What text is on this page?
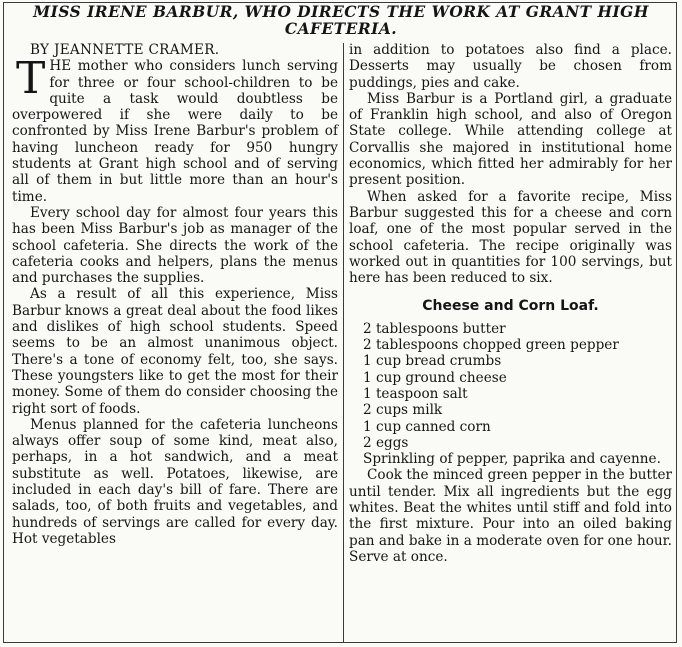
MISS IRENE BARBUR, WHO DIRECTS THE WORK AT GRANT HIGH CAFETERIA.

BY JEANNETTE CRAMER.

THE mother who considers lunch serving for three or four school-children to be quite a task would doubtless be overpowered if she were daily to be confronted by Miss Irene Barbur's problem of having luncheon ready for 950 hungry students at Grant high school and of serving all of them in but little more than an hour's time.

Every school day for almost four years this has been Miss Barbur's job as manager of the school cafeteria. She directs the work of the cafeteria cooks and helpers, plans the menus and purchases the supplies.

As a result of all this experience, Miss Barbur knows a great deal about the food likes and dislikes of high school students. Speed seems to be an almost unanimous object. There's a tone of economy felt, too, she says. These youngsters like to get the most for their money. Some of them do consider choosing the right sort of foods.

Menus planned for the cafeteria luncheons always offer soup of some kind, meat also, perhaps, in a hot sandwich, and a meat substitute as well. Potatoes, likewise, are included in each day's bill of fare. There are salads, too, of both fruits and vegetables, and hundreds of servings are called for every day. Hot vegetables

in addition to potatoes also find a place. Desserts may usually be chosen from puddings, pies and cake.

Miss Barbur is a Portland girl, a graduate of Franklin high school, and also of Oregon State college. While attending college at Corvallis she majored in institutional home economics, which fitted her admirably for her present position.

When asked for a favorite recipe, Miss Barbur suggested this for a cheese and corn loaf, one of the most popular served in the school cafeteria. The recipe originally was worked out in quantities for 100 servings, but here has been reduced to six.

Cheese and Corn Loaf.

2 tablespoons butter
2 tablespoons chopped green pepper
1 cup bread crumbs
1 cup ground cheese
1 teaspoon salt
2 cups milk
1 cup canned corn
2 eggs

Sprinkling of pepper, paprika and cayenne.

Cook the minced green pepper in the butter until tender. Mix all ingredients but the egg whites. Beat the whites until stiff and fold into the first mixture. Pour into an oiled baking pan and bake in a moderate oven for one hour. Serve at once.
